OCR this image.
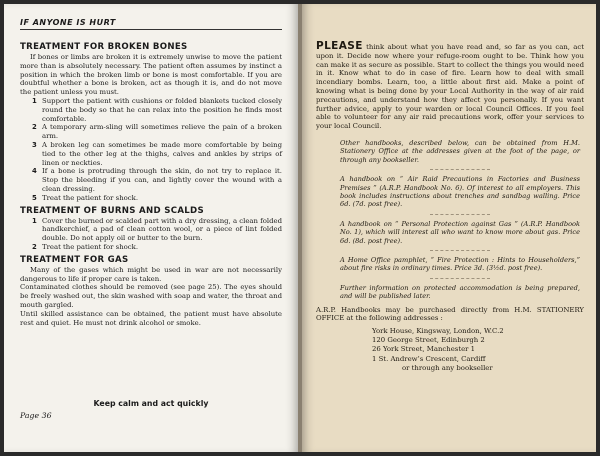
IF ANYONE IS HURT
TREATMENT FOR BROKEN BONES

If bones or limbs are broken it is extremely unwise to move the patient more than is absolutely necessary. The patient often assumes by instinct a position in which the broken limb or bone is most comfortable. If you are doubtful whether a bone is broken, act as though it is, and do not move the patient unless you must.

1 Support the patient with cushions or folded blankets tucked closely round the body so that he can relax into the position he finds most comfortable.
2 A temporary arm-sling will sometimes relieve the pain of a broken arm.
3 A broken leg can sometimes be made more comfortable by being tied to the other leg at the thighs, calves and ankles by strips of linen or neckties.
4 If a bone is protruding through the skin, do not try to replace it. Stop the bleeding if you can, and lightly cover the wound with a clean dressing.
5 Treat the patient for shock.
TREATMENT OF BURNS AND SCALDS
1 Cover the burned or scalded part with a dry dressing, a clean folded handkerchief, a pad of clean cotton wool, or a piece of lint folded double. Do not apply oil or butter to the burn.
2 Treat the patient for shock.
TREATMENT FOR GAS

Many of the gases which might be used in war are not necessarily dangerous to life if proper care is taken.

Contaminated clothes should be removed (see page 25). The eyes should be freely washed out, the skin washed with soap and water, the throat and mouth gargled.

Until skilled assistance can be obtained, the patient must have absolute rest and quiet. He must not drink alcohol or smoke.

Keep calm and act quickly
Page 36

PLEASE think about what you have read and, so far as you can, act upon it. Decide now where your refuge-room ought to be. Think how you can make it as secure as possible. Start to collect the things you would need in it. Know what to do in case of fire. Learn how to deal with small incendiary bombs. Learn, too, a little about first aid. Make a point of knowing what is being done by your Local Authority in the way of air raid precautions, and understand how they affect you personally. If you want further advice, apply to your warden or local Council Offices. If you feel able to volunteer for any air raid precautions work, offer your services to your local Council.

Other handbooks, described below, can be obtained from H.M. Stationery Office at the addresses given at the foot of the page, or through any bookseller.

A handbook on “ Air Raid Precautions in Factories and Business Premises ” (A.R.P. Handbook No. 6). Of interest to all employers. This book includes instructions about trenches and sandbag walling. Price 6d. (7d. post free).

A handbook on “ Personal Protection against Gas ” (A.R.P. Handbook No. 1), which will interest all who want to know more about gas. Price 6d. (8d. post free).

A Home Office pamphlet, “ Fire Protection : Hints to Householders,” about fire risks in ordinary times. Price 3d. (3½d. post free).

Further information on protected accommodation is being prepared, and will be published later.

A.R.P. Handbooks may be purchased directly from H.M. STATIONERY OFFICE at the following addresses :

York House, Kingsway, London, W.C.2
120 George Street, Edinburgh 2
26 York Street, Manchester 1
1 St. Andrew’s Crescent, Cardiff
or through any bookseller
